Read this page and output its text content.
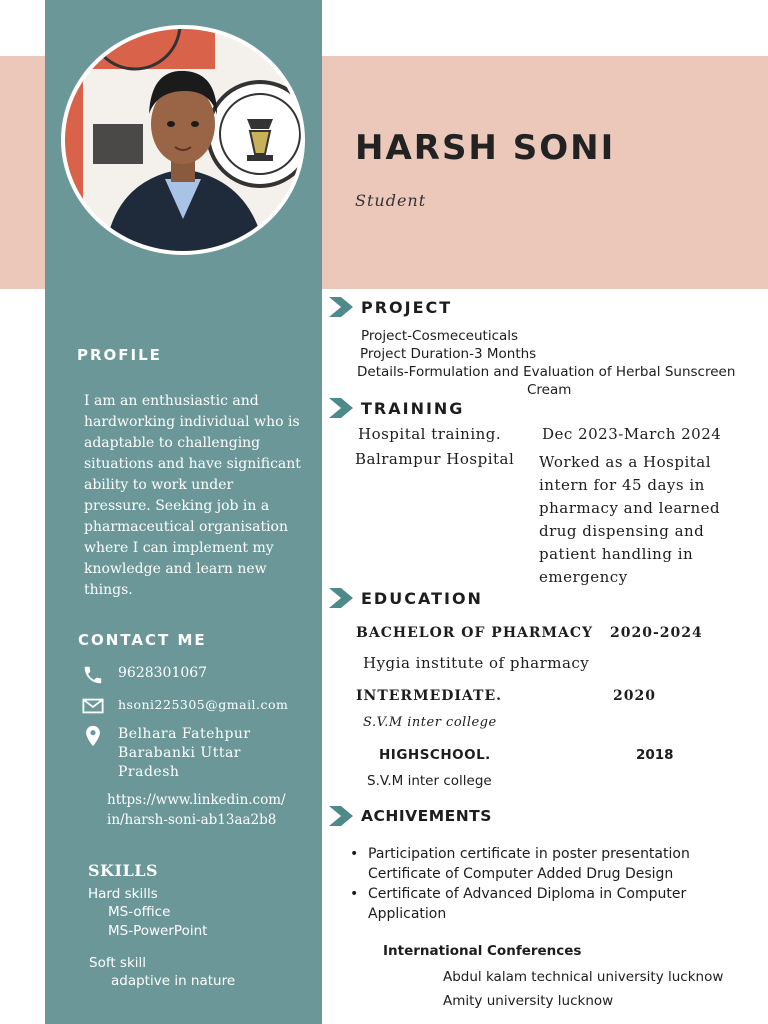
HARSH SONI
Student
PROFILE
I am an enthusiastic and hardworking individual who is adaptable to challenging situations and have significant ability to work under pressure. Seeking job in a pharmaceutical organisation where I can implement my knowledge and learn new things.
CONTACT ME
9628301067
hsoni225305@gmail.com
Belhara Fatehpur Barabanki Uttar Pradesh
https://www.linkedin.com/in/harsh-soni-ab13aa2b8
SKILLS
Hard skills
MS-office
MS-PowerPoint
Soft skill
adaptive in nature
PROJECT
Project-Cosmeceuticals
Project Duration-3 Months
Details-Formulation and Evaluation of Herbal Sunscreen
Cream
TRAINING
Hospital training.
Balrampur Hospital
Dec 2023-March 2024
Worked as a Hospital intern for 45 days in pharmacy and learned drug dispensing and patient handling in emergency
EDUCATION
BACHELOR OF PHARMACY 2020-2024
Hygia institute of pharmacy
INTERMEDIATE.	2020
S.V.M inter college
HIGHSCHOOL.	2018
S.V.M inter college
ACHIVEMENTS
• Participation certificate in poster presentation Certificate of Computer Added Drug Design
• Certificate of Advanced Diploma in Computer Application
International Conferences
Abdul kalam technical university lucknow
Amity university lucknow
